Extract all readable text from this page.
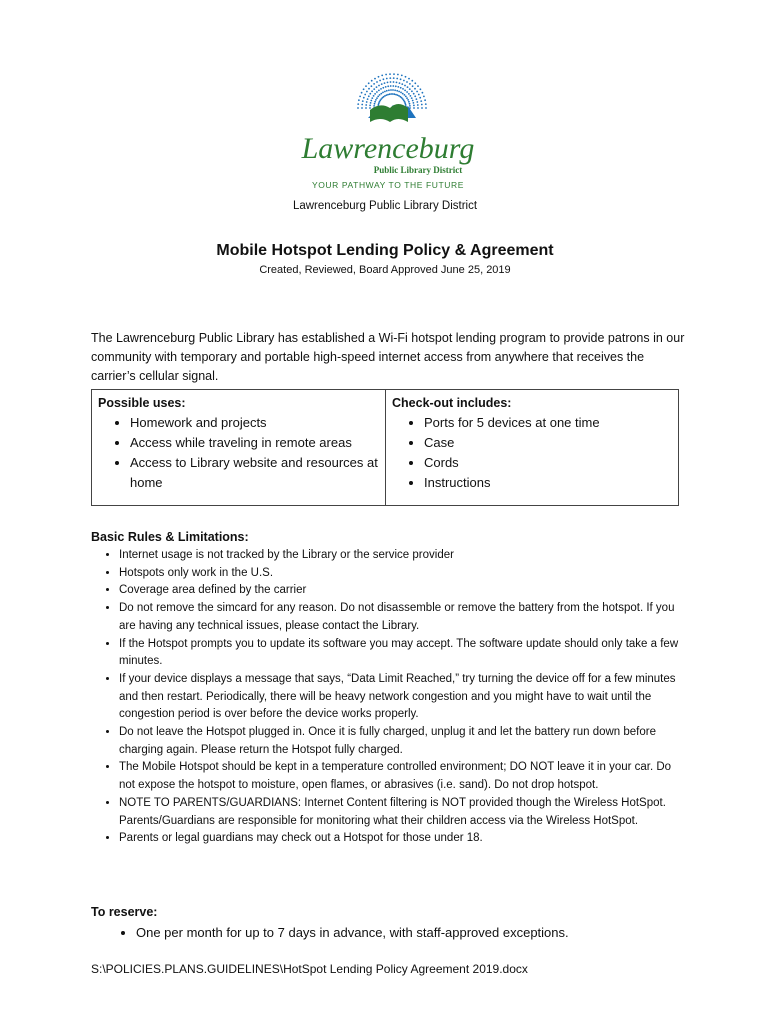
Lawrenceburg
Public Library District
YOUR PATHWAY TO THE FUTURE
Lawrenceburg Public Library District
Mobile Hotspot Lending Policy & Agreement
Created, Reviewed, Board Approved June 25, 2019

The Lawrenceburg Public Library has established a Wi-Fi hotspot lending program to provide patrons in our community with temporary and portable high-speed internet access from anywhere that receives the carrier’s cellular signal.

Possible uses:
• Homework and projects
• Access while traveling in remote areas
• Access to Library website and resources at home
Check-out includes:
• Ports for 5 devices at one time
• Case
• Cords
• Instructions
Basic Rules & Limitations:
• Internet usage is not tracked by the Library or the service provider
• Hotspots only work in the U.S.
• Coverage area defined by the carrier
• Do not remove the simcard for any reason. Do not disassemble or remove the battery from the hotspot. If you are having any technical issues, please contact the Library.
• If the Hotspot prompts you to update its software you may accept. The software update should only take a few minutes.
• If your device displays a message that says, “Data Limit Reached,” try turning the device off for a few minutes and then restart. Periodically, there will be heavy network congestion and you might have to wait until the congestion period is over before the device works properly.
• Do not leave the Hotspot plugged in. Once it is fully charged, unplug it and let the battery run down before charging again. Please return the Hotspot fully charged.
• The Mobile Hotspot should be kept in a temperature controlled environment; DO NOT leave it in your car. Do not expose the hotspot to moisture, open flames, or abrasives (i.e. sand). Do not drop hotspot.
• NOTE TO PARENTS/GUARDIANS: Internet Content filtering is NOT provided though the Wireless HotSpot. Parents/Guardians are responsible for monitoring what their children access via the Wireless HotSpot.
• Parents or legal guardians may check out a Hotspot for those under 18.
To reserve:
• One per month for up to 7 days in advance, with staff-approved exceptions.
S:\POLICIES.PLANS.GUIDELINES\HotSpot Lending Policy Agreement 2019.docx
